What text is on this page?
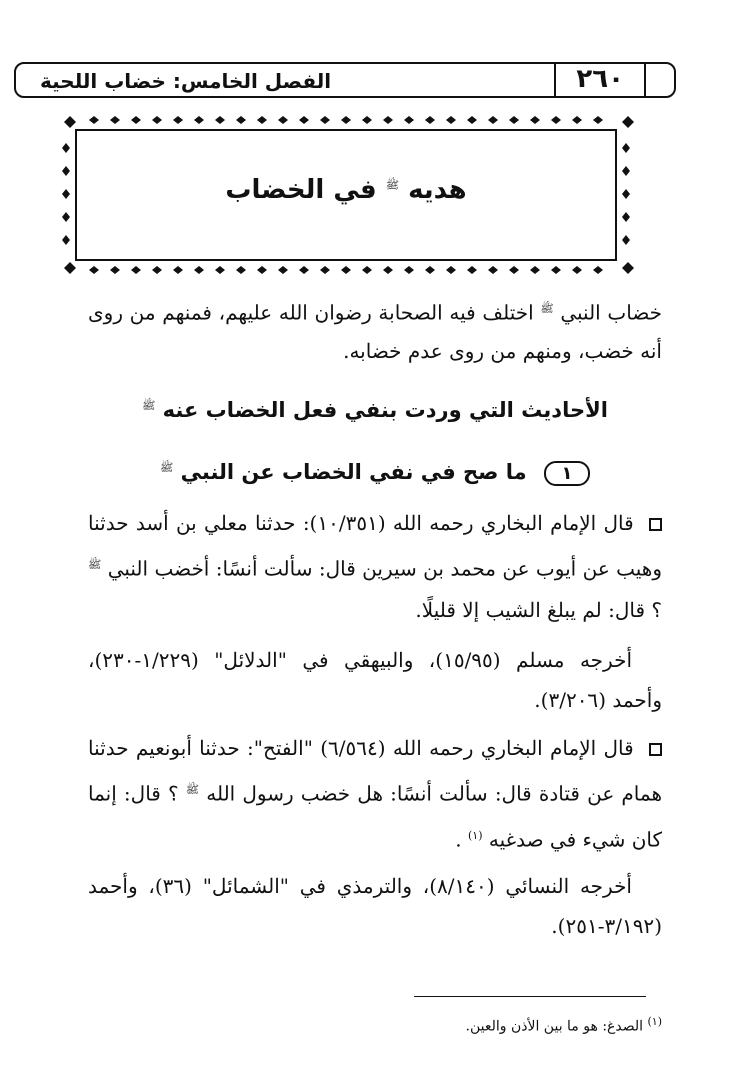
٢٦٠
الفصل الخامس: خضاب اللحية
هديه $^ﷺ$ في الخضاب
خضاب النبي $^ﷺ$ اختلف فيه الصحابة رضوان الله عليهم، فمنهم من روى أنه خضب، ومنهم من روى عدم خضابه.
الأحاديث التي وردت بنفي فعل الخضاب عنه $^ﷺ$
١ ما صح في نفي الخضاب عن النبي $^ﷺ$
قال الإمام البخاري رحمه الله (١٠/٣٥١): حدثنا معلي بن أسد حدثنا وهيب عن أيوب عن محمد بن سيرين قال: سألت أنسًا: أخضب النبي $^ﷺ$ ؟ قال: لم يبلغ الشيب إلا قليلًا.
أخرجه مسلم (١٥/٩٥)، والبيهقي في "الدلائل" (١/٢٢٩-٢٣٠)، وأحمد (٣/٢٠٦).
قال الإمام البخاري رحمه الله (٦/٥٦٤) "الفتح": حدثنا أبونعيم حدثنا همام عن قتادة قال: سألت أنسًا: هل خضب رسول الله $^ﷺ$ ؟ قال: إنما كان شيء في صدغيه $^{(١)}$ .
أخرجه النسائي (٨/١٤٠)، والترمذي في "الشمائل" (٣٦)، وأحمد (٣/١٩٢-٢٥١).
$^{(١)}$ الصدغ: هو ما بين الأذن والعين.
